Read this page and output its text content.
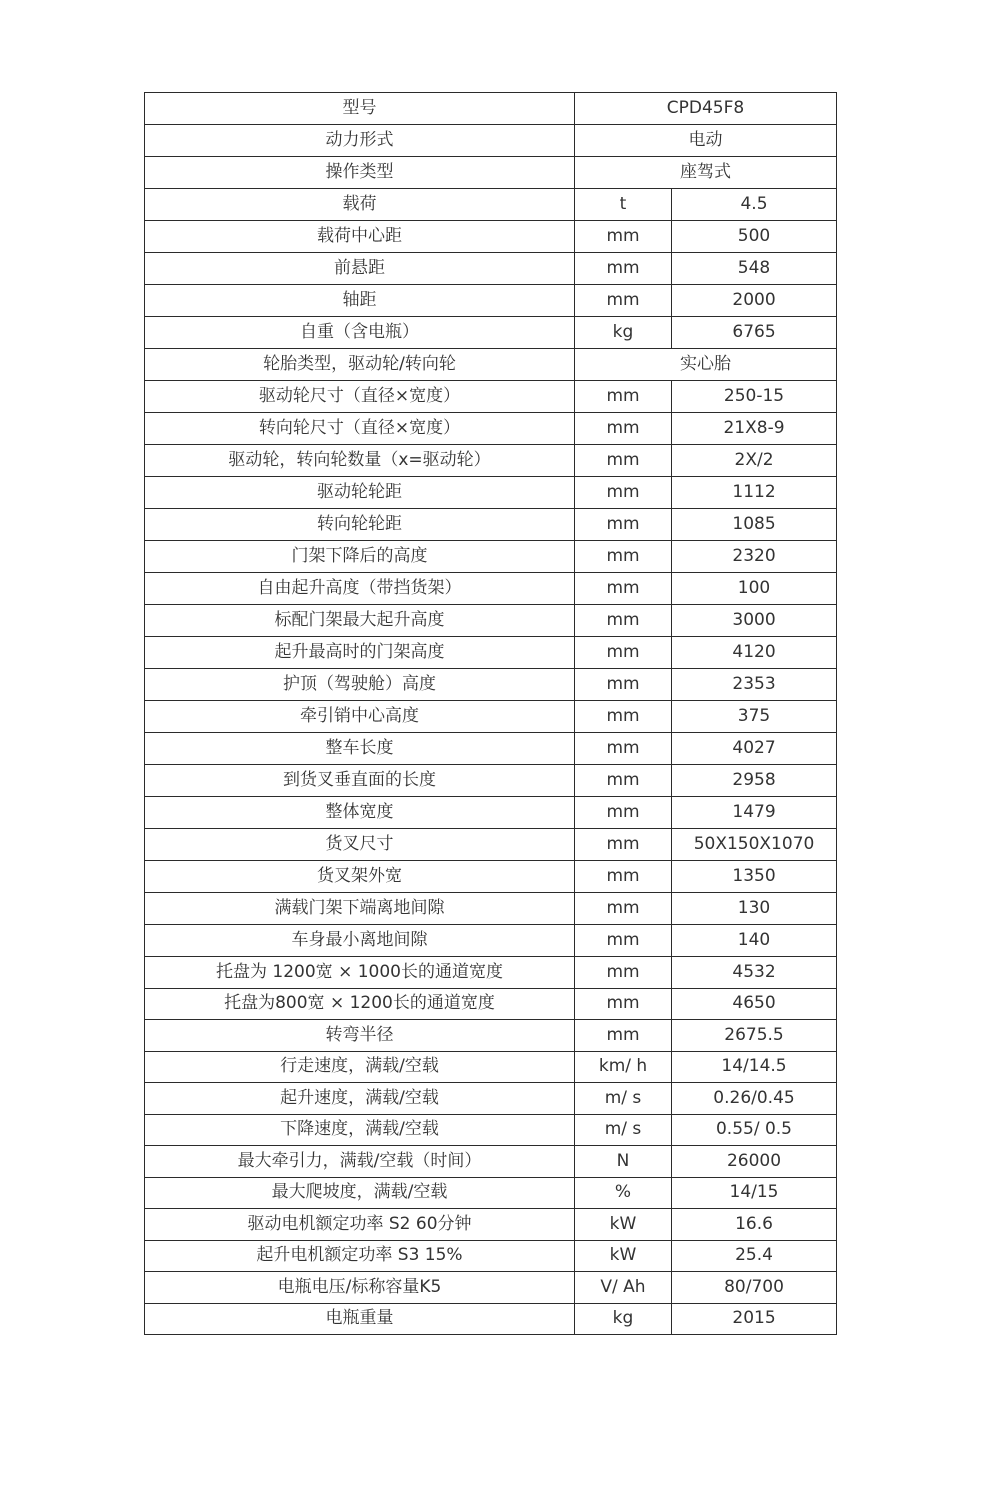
型号	CPD45F8	
动力形式	电动	
操作类型	座驾式	
载荷	t	4.5
载荷中心距	mm	500
前悬距	mm	548
轴距	mm	2000
自重（含电瓶）	kg	6765
轮胎类型，驱动轮/转向轮	实心胎	
驱动轮尺寸（直径×宽度）	mm	250-15
转向轮尺寸（直径×宽度）	mm	21X8-9
驱动轮，转向轮数量（x=驱动轮）	mm	2X/2
驱动轮轮距	mm	1112
转向轮轮距	mm	1085
门架下降后的高度	mm	2320
自由起升高度（带挡货架）	mm	100
标配门架最大起升高度	mm	3000
起升最高时的门架高度	mm	4120
护顶（驾驶舱）高度	mm	2353
牵引销中心高度	mm	375
整车长度	mm	4027
到货叉垂直面的长度	mm	2958
整体宽度	mm	1479
货叉尺寸	mm	50X150X1070
货叉架外宽	mm	1350
满载门架下端离地间隙	mm	130
车身最小离地间隙	mm	140
托盘为 1200宽 × 1000长的通道宽度	mm	4532
托盘为800宽 × 1200长的通道宽度	mm	4650
转弯半径	mm	2675.5
行走速度，满载/空载	km/ h	14/14.5
起升速度，满载/空载	m/ s	0.26/0.45
下降速度，满载/空载	m/ s	0.55/ 0.5
最大牵引力，满载/空载（时间）	N	26000
最大爬坡度，满载/空载	%	14/15
驱动电机额定功率 S2 60分钟	kW	16.6
起升电机额定功率 S3 15%	kW	25.4
电瓶电压/标称容量K5	V/ Ah	80/700
电瓶重量	kg	2015
